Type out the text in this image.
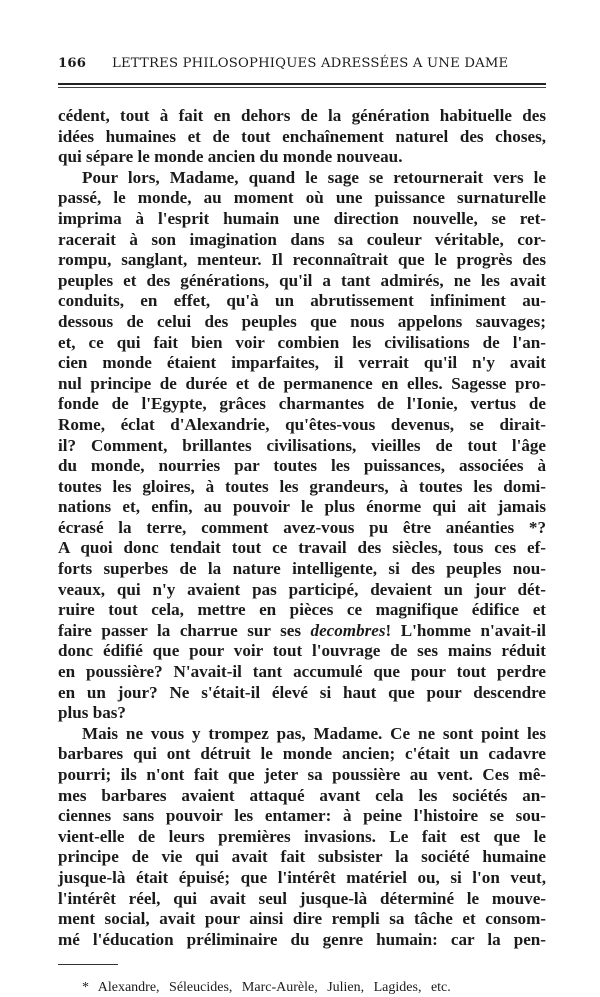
166	LETTRES PHILOSOPHIQUES ADRESSÉES A UNE DAME
cédent, tout à fait en dehors de la génération habituelle des
idées humaines et de tout enchaînement naturel des choses,
qui sépare le monde ancien du monde nouveau.
Pour lors, Madame, quand le sage se retournerait vers le
passé, le monde, au moment où une puissance surnaturelle
imprima à l'esprit humain une direction nouvelle, se ret-
racerait à son imagination dans sa couleur véritable, cor-
rompu, sanglant, menteur. Il reconnaîtrait que le progrès des
peuples et des générations, qu'il a tant admirés, ne les avait
conduits, en effet, qu'à un abrutissement infiniment au-
dessous de celui des peuples que nous appelons sauvages;
et, ce qui fait bien voir combien les civilisations de l'an-
cien monde étaient imparfaites, il verrait qu'il n'y avait
nul principe de durée et de permanence en elles. Sagesse pro-
fonde de l'Egypte, grâces charmantes de l'Ionie, vertus de
Rome, éclat d'Alexandrie, qu'êtes-vous devenus, se dirait-
il? Comment, brillantes civilisations, vieilles de tout l'âge
du monde, nourries par toutes les puissances, associées à
toutes les gloires, à toutes les grandeurs, à toutes les domi-
nations et, enfin, au pouvoir le plus énorme qui ait jamais
écrasé la terre, comment avez-vous pu être anéanties *?
A quoi donc tendait tout ce travail des siècles, tous ces ef-
forts superbes de la nature intelligente, si des peuples nou-
veaux, qui n'y avaient pas participé, devaient un jour dét-
ruire tout cela, mettre en pièces ce magnifique édifice et
faire passer la charrue sur ses decombres! L'homme n'avait-il
donc édifié que pour voir tout l'ouvrage de ses mains réduit
en poussière? N'avait-il tant accumulé que pour tout perdre
en un jour? Ne s'était-il élevé si haut que pour descendre
plus bas?
Mais ne vous y trompez pas, Madame. Ce ne sont point les
barbares qui ont détruit le monde ancien; c'était un cadavre
pourri; ils n'ont fait que jeter sa poussière au vent. Ces mê-
mes barbares avaient attaqué avant cela les sociétés an-
ciennes sans pouvoir les entamer: à peine l'histoire se sou-
vient-elle de leurs premières invasions. Le fait est que le
principe de vie qui avait fait subsister la société humaine
jusque-là était épuisé; que l'intérêt matériel ou, si l'on veut,
l'intérêt réel, qui avait seul jusque-là déterminé le mouve-
ment social, avait pour ainsi dire rempli sa tâche et consom-
mé l'éducation préliminaire du genre humain: car la pen-
* Alexandre, Séleucides, Marc-Aurèle, Julien, Lagides, etc.
